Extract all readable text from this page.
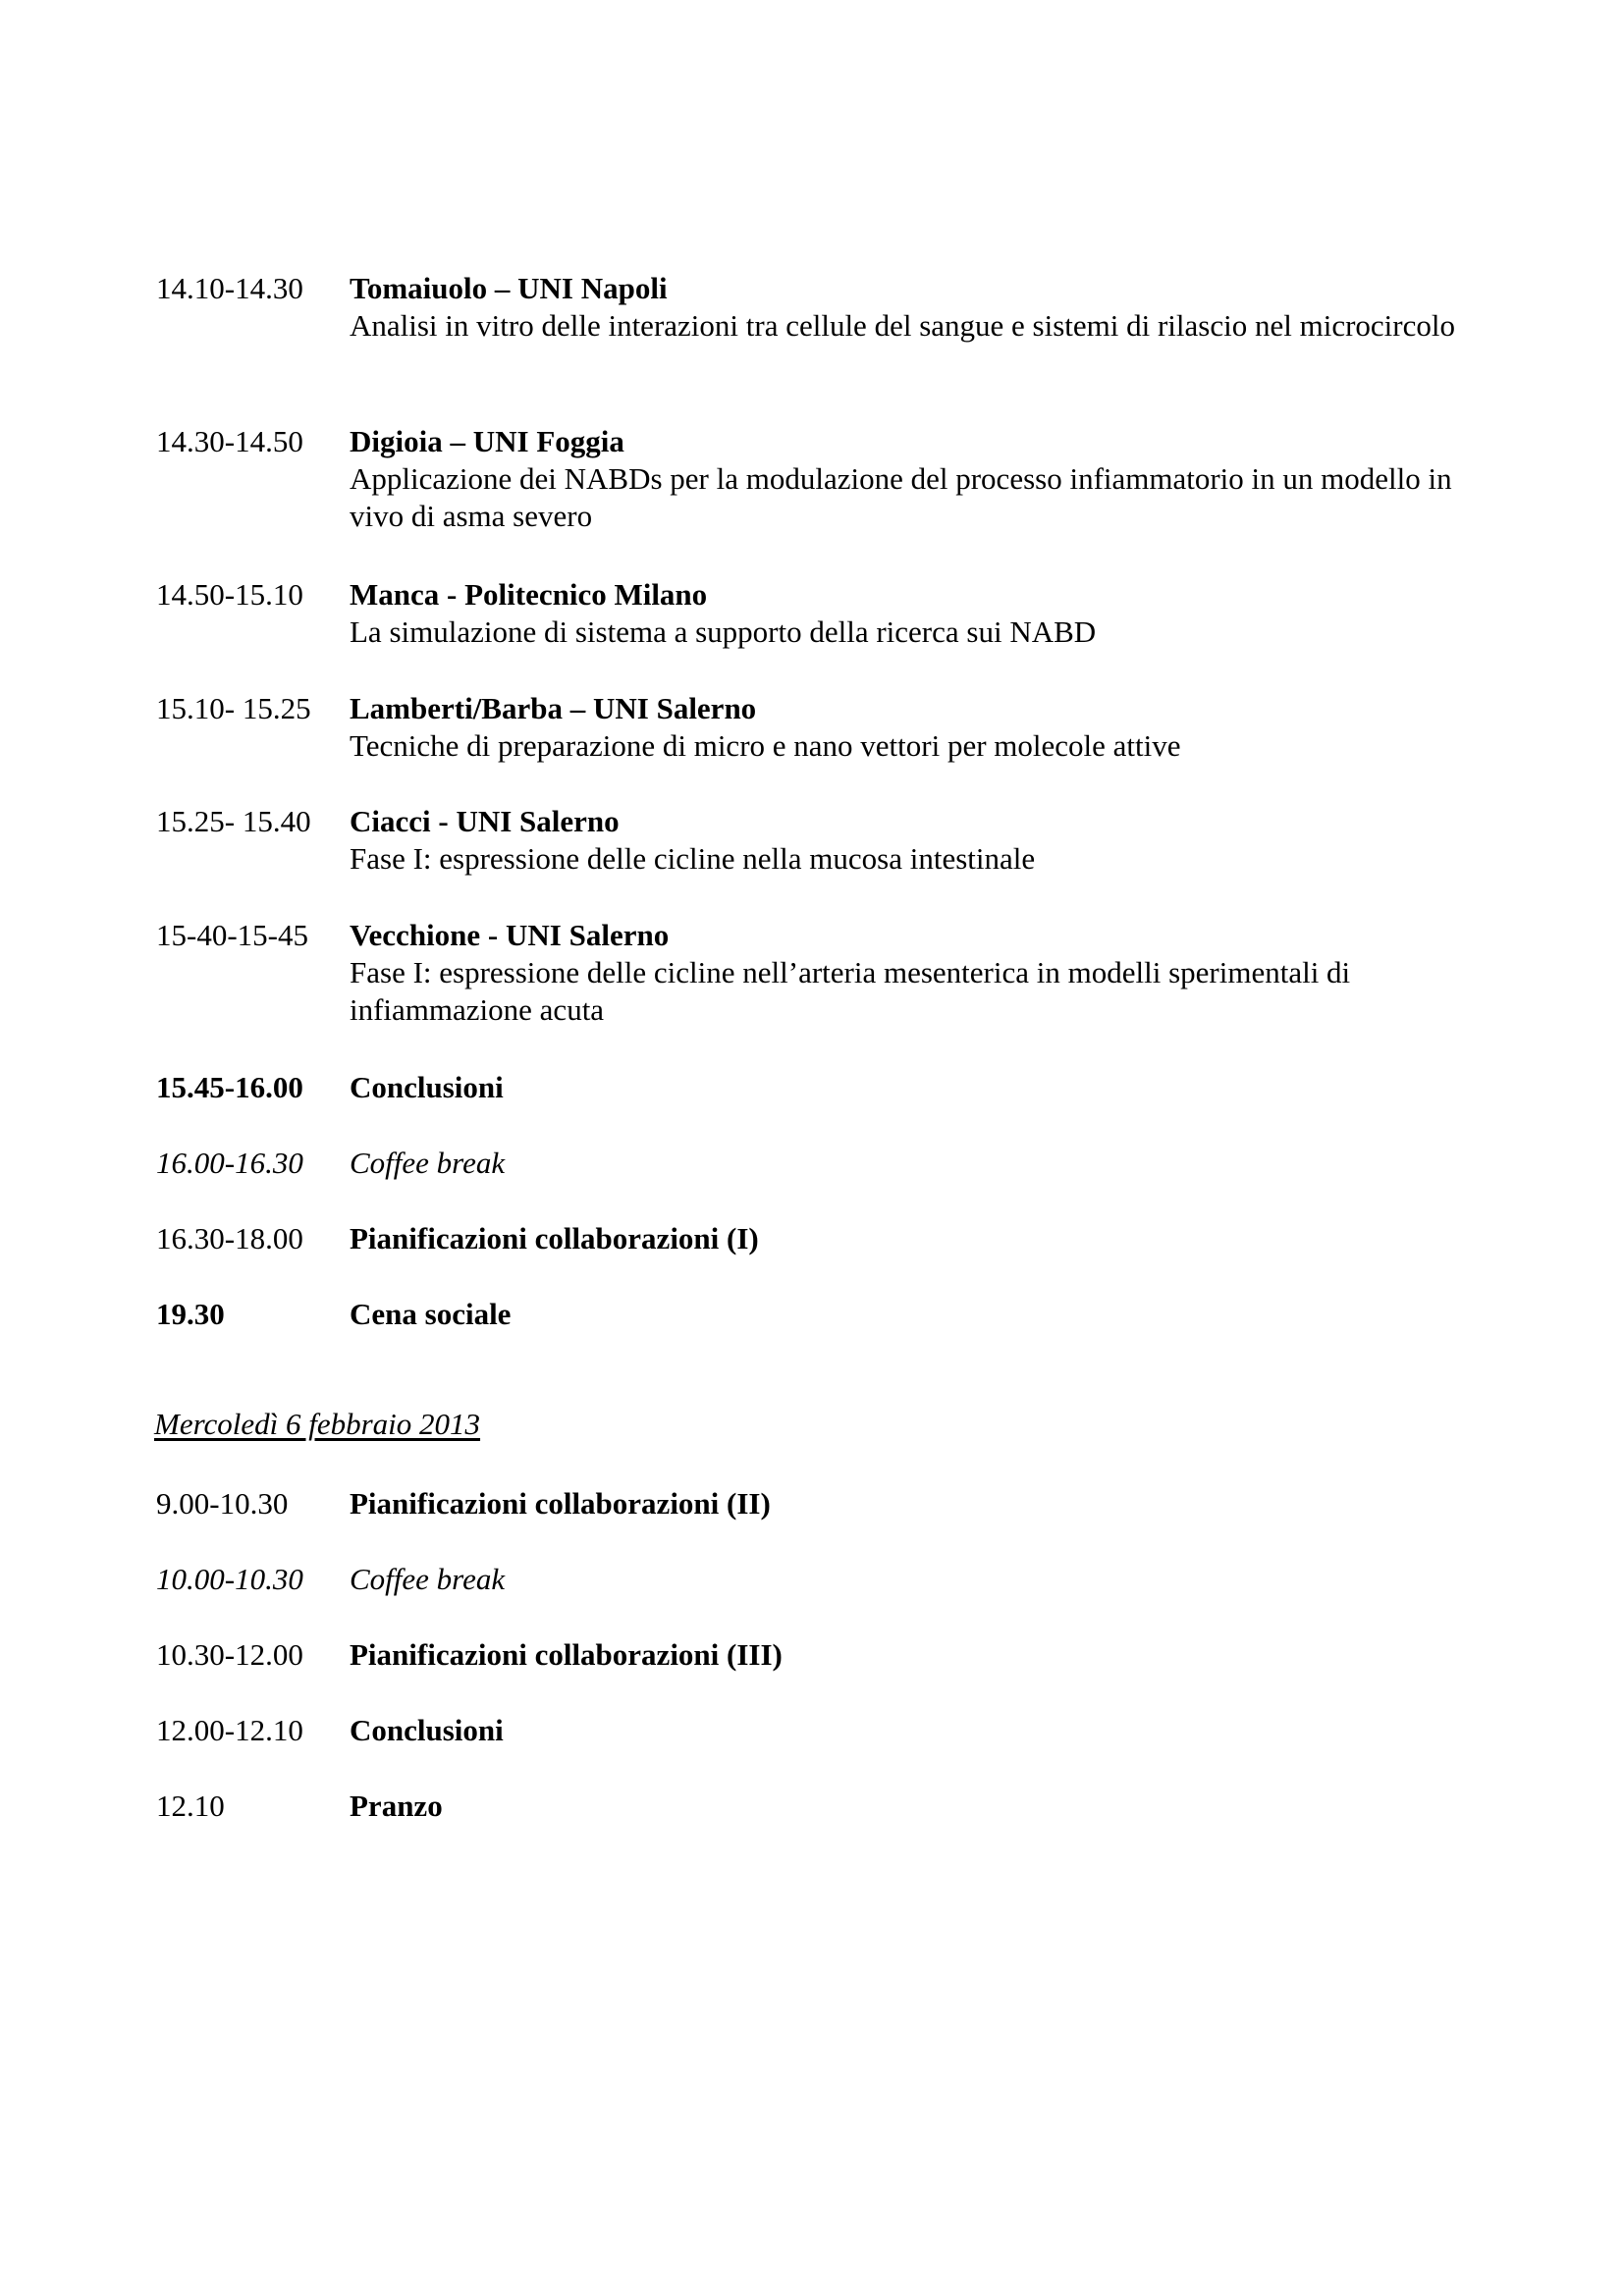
14.10-14.30	Tomaiuolo – UNI Napoli
Analisi in vitro delle interazioni tra cellule del sangue e sistemi di rilascio nel microcircolo
14.30-14.50	Digioia – UNI Foggia
Applicazione dei NABDs per la modulazione del processo infiammatorio in un modello in vivo di asma severo
14.50-15.10	Manca - Politecnico Milano
La simulazione di sistema a supporto della ricerca sui NABD
15.10- 15.25	Lamberti/Barba – UNI Salerno
Tecniche di preparazione di micro e nano vettori per molecole attive
15.25- 15.40	Ciacci - UNI Salerno
Fase I: espressione delle cicline nella mucosa intestinale
15-40-15-45	Vecchione - UNI Salerno
Fase I: espressione delle cicline nell’arteria mesenterica in modelli sperimentali di infiammazione acuta
15.45-16.00	Conclusioni
16.00-16.30	Coffee break
16.30-18.00	Pianificazioni collaborazioni (I)
19.30	Cena sociale
Mercoledì 6 febbraio 2013
9.00-10.30	Pianificazioni collaborazioni (II)
10.00-10.30	Coffee break
10.30-12.00	Pianificazioni collaborazioni (III)
12.00-12.10	Conclusioni
12.10	Pranzo
